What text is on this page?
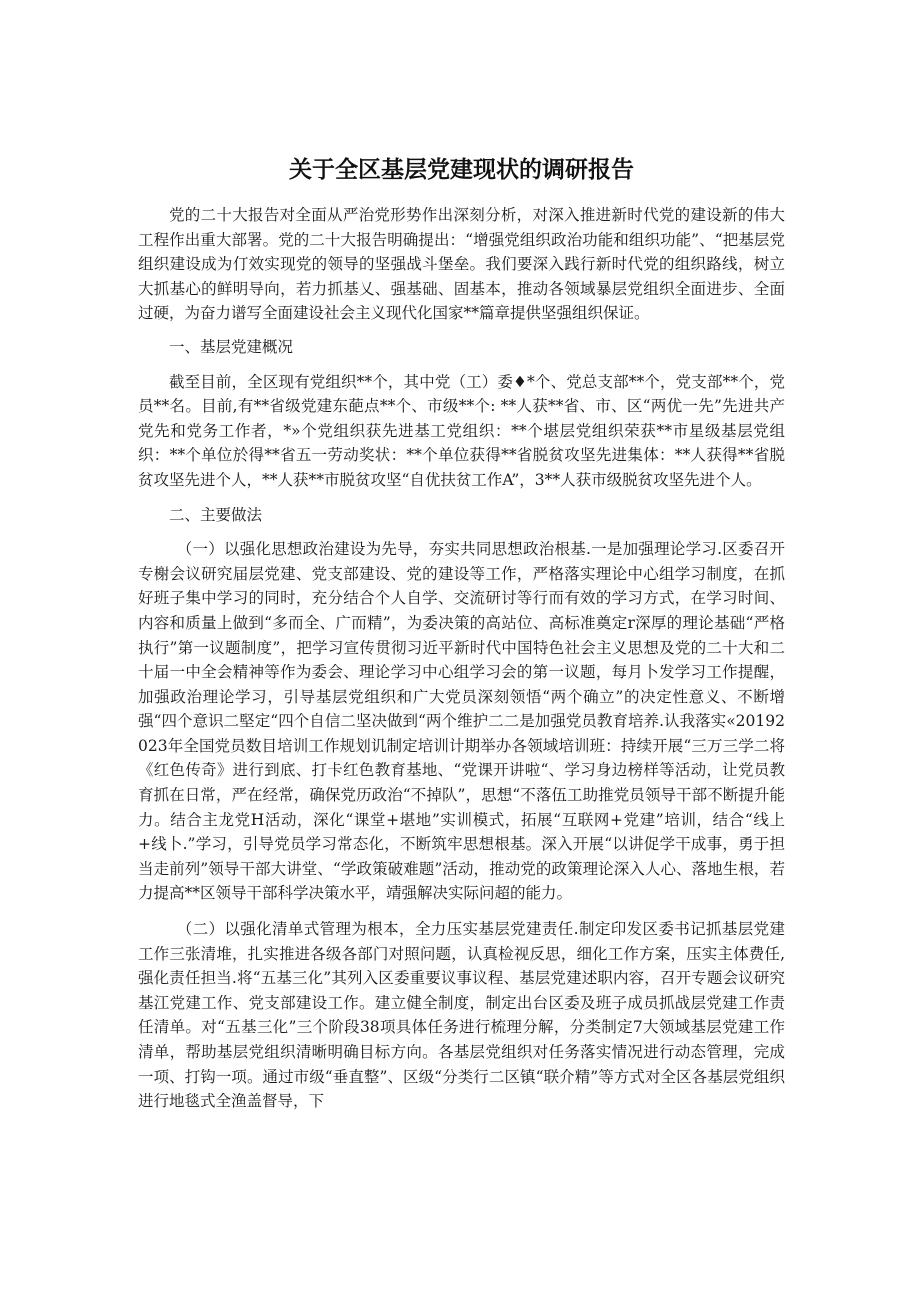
关于全区基层党建现状的调研报告

党的二十大报告对全面从严治党形势作出深刻分析，对深入推进新时代党的建设新的伟大工程作出重大部署。党的二十大报告明确提出：“增强党组织政治功能和组织功能”、“把基层党组织建设成为仃效实现党的领导的坚强战斗堡垒。我们要深入践行新时代党的组织路线，树立大抓基心的鲜明导向，若力抓基乂、强基础、固基本，推动各领域暴层党组织全面进步、全面过硬，为奋力谱写全面建设社会主义现代化国家**篇章提供坚强组织保证。

一、基层党建概况

截至目前，全区现有党组织**个，其中党（工）委♦*个、党总支部**个，党支部**个，党员**名。目前,有**省级党建东葩点**个、市级**个: **人获**省、市、区“两优一先”先进共产党先和党务工作者，*»个党组织获先进基工党组织：**个堪层党组织荣获**市星级基层党组织：**个单位於得**省五一劳动奖状：**个单位获得**省脱贫攻坚先进集体：**人获得**省脱贫攻坚先进个人，**人获**市脱贫攻坚“自优扶贫工作A”，3**人获市级脱贫攻坚先进个人。

二、主要做法

（一）以强化思想政治建设为先导，夯实共同思想政治根基.一是加强理论学习.区委召开专榭会议研究届层党建、党支部建设、党的建设等工作，严格落实理论中心组学习制度，在抓好班子集中学习的同时，充分结合个人自学、交流研讨等行而有效的学习方式，在学习时间、内容和质量上做到“多而全、广而精”，为委决策的高站位、高标准奠定r深厚的理论基础“严格执行”第一议题制度”，把学习宣传贯彻习近平新时代中国特色社会主义思想及党的二十大和二十届一中全会精神等作为委会、理论学习中心组学习会的第一议题，每月卜发学习工作提醒，加强政治理论学习，引导基层党组织和广大党员深刻领悟“两个确立”的决定性意义、不断增强“四个意识二堅定“四个自信二坚决做到“两个维护二二是加强党员教育培养.认我落实«20192023年全国党员数目培训工作规划讥制定培训计期举办各领域培训班：持续开展“三万三学二将《红色传奇》进行到底、打卡红色教育基地、“党课开讲啦“、学习身边榜样等活动，让党员教育抓在日常，严在经常，确保党历政治“不掉队”，思想“不落伍工助推党员领导干部不断提升能力。结合主龙党H活动，深化“课堂+堪地”实训模式，拓展“互联网+党建”培训，结合“线上+线卜.”学习，引导党员学习常态化，不断筑牢思想根基。深入开展“以讲促学干成事，勇于担当走前列”领导干部大讲堂、“学政策破难题”活动，推动党的政策理论深入人心、落地生根，若力提高**区领导干部科学决策水平，靖强解决实际问超的能力。

（二）以强化清单式管理为根本，全力压实基层党建责任.制定印发区委书记抓基层党建工作三张清堆，扎实推进各级各部门对照问题，认真检视反思，细化工作方案，压实主体费任,强化责任担当.将“五基三化”其列入区委重要议事议程、基层党建述职内容，召开专题会议研究基江党建工作、党支部建设工作。建立健全制度，制定出台区委及班子成员抓战层党建工作责任清单。对“五基三化”三个阶段38项具体任务进行梳理分解，分类制定7大领域基层党建工作清单，帮助基层党组织清晰明确目标方向。各基层党组织对任务落实情况进行动态管理，完成一项、打钩一项。通过市级“垂直整”、区级“分类行二区镇“联介精”等方式对全区各基层党组织进行地毯式全渔盖督导，下
